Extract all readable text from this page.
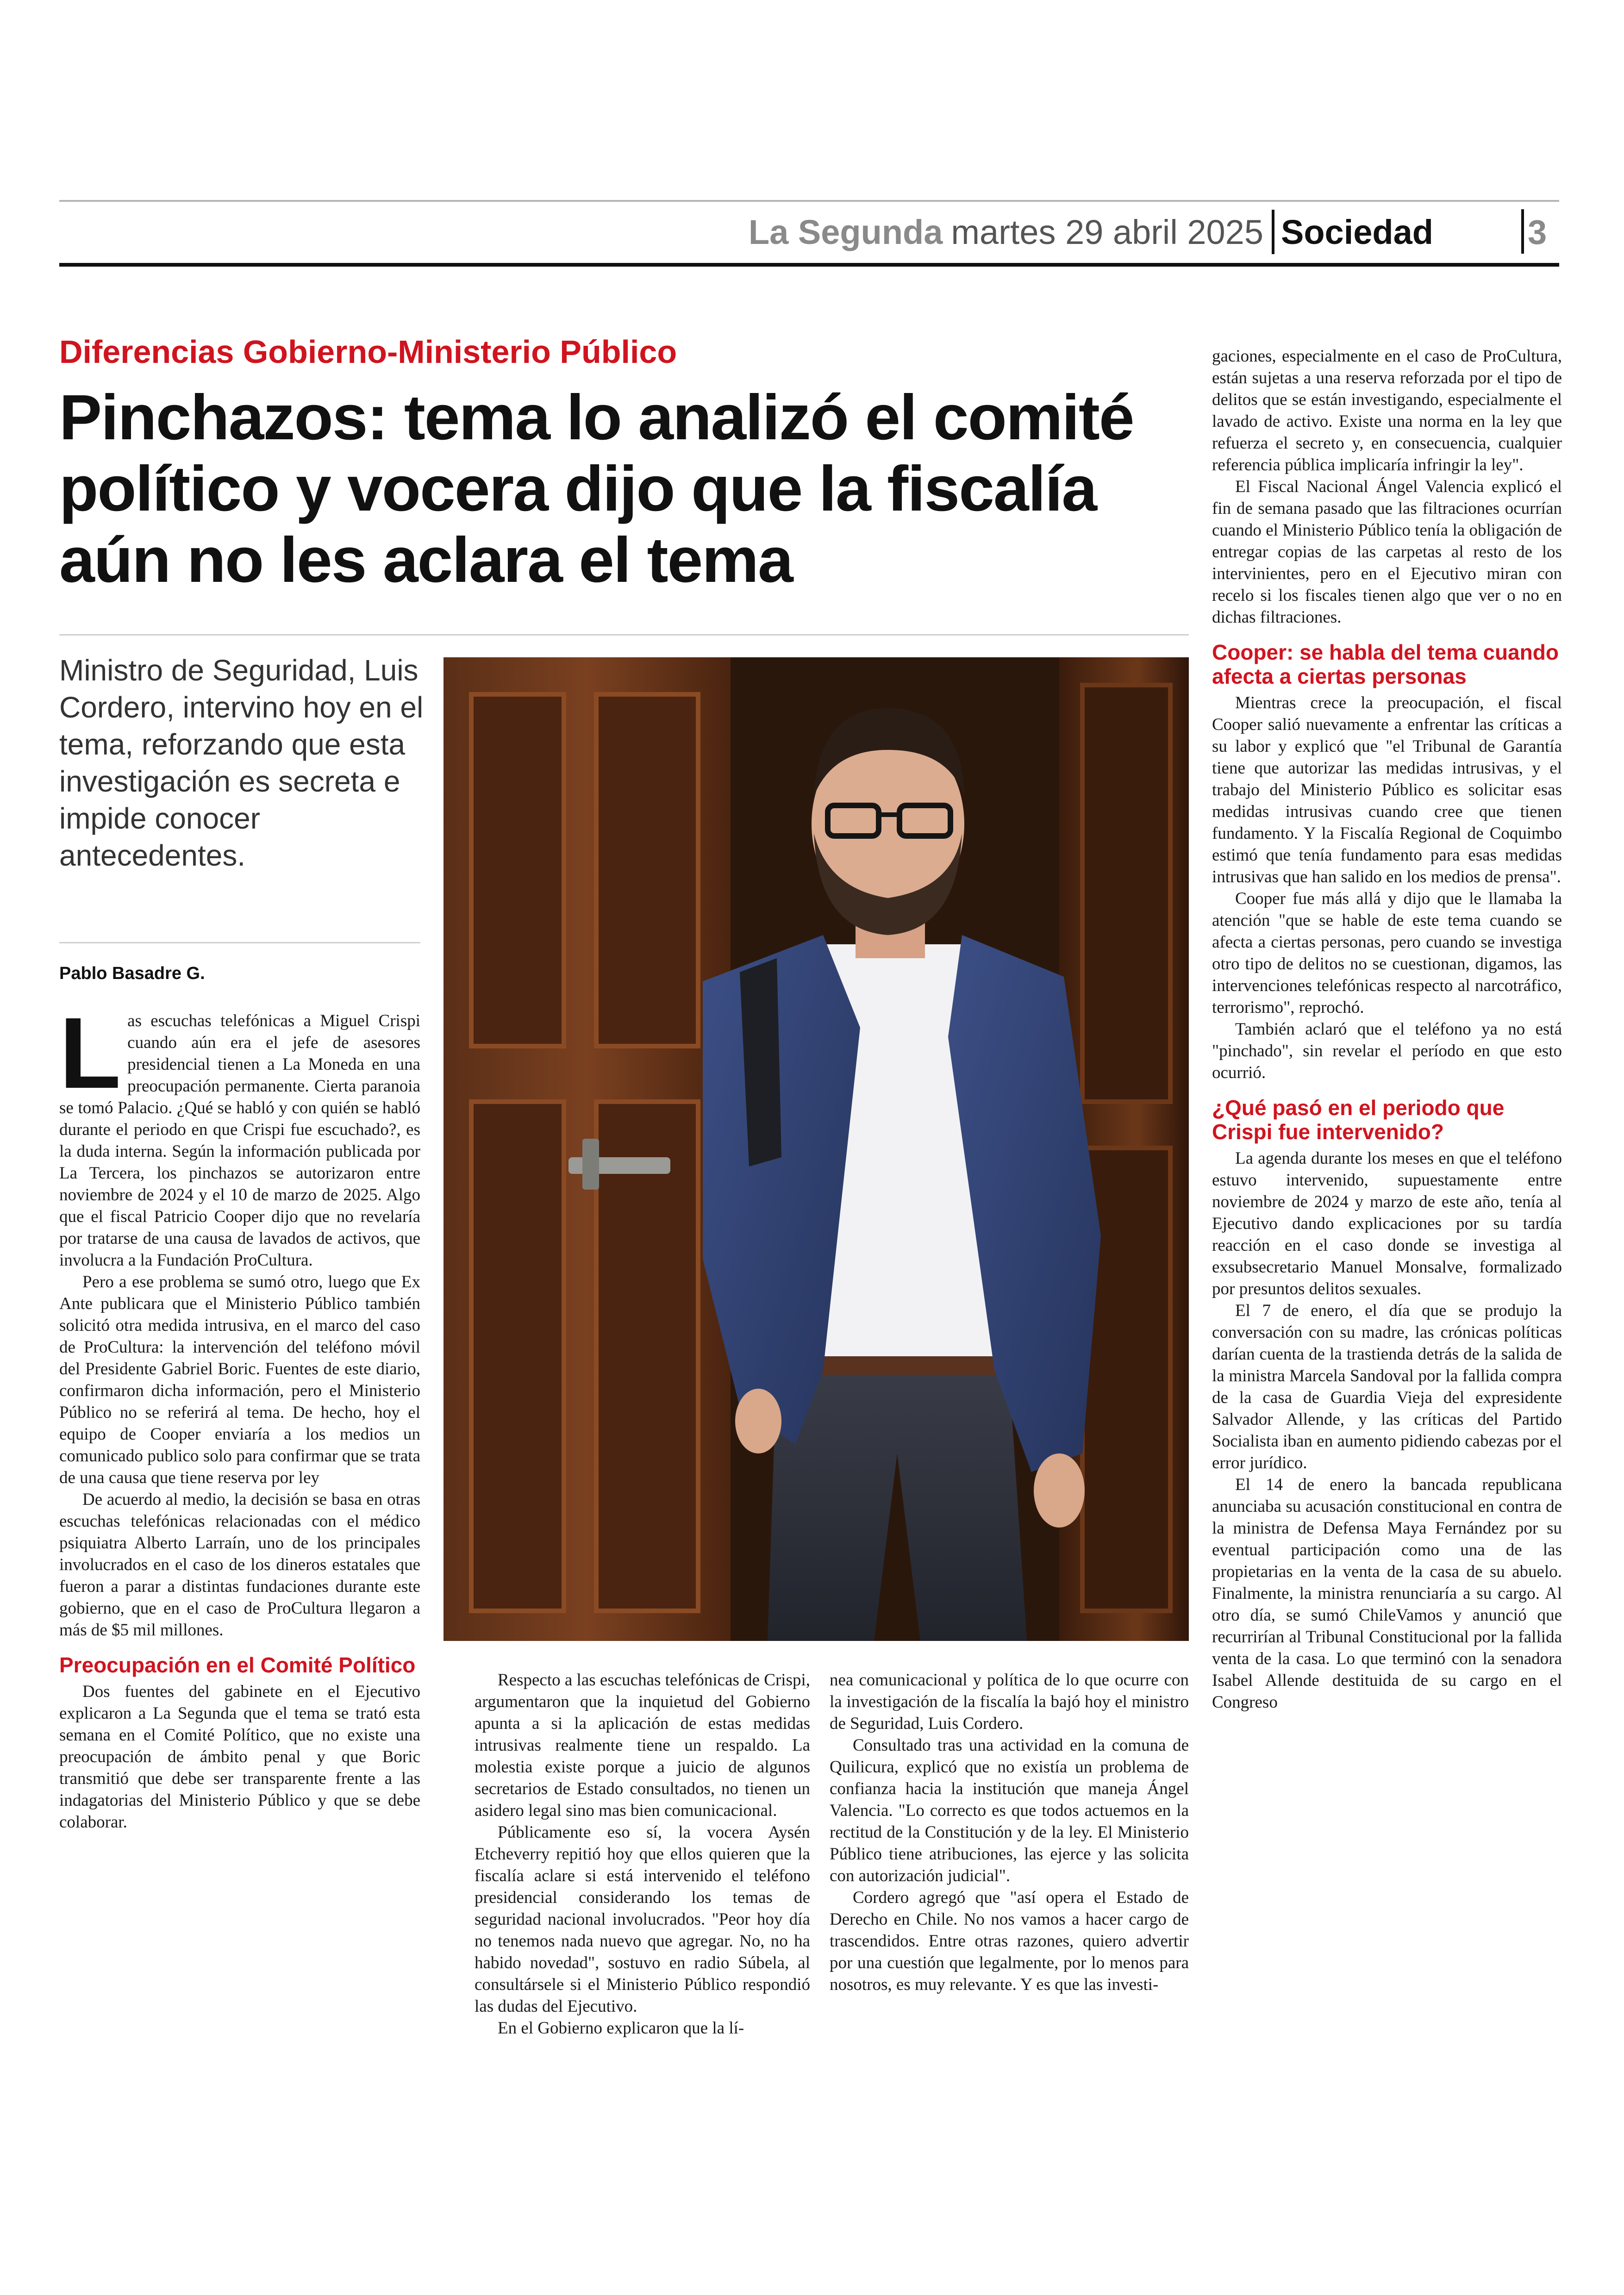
La Segunda martes 29 abril 2025 Sociedad	3
Diferencias Gobierno-Ministerio Público
Pinchazos: tema lo analizó el comité político y vocera dijo que la fiscalía aún no les aclara el tema

Ministro de Seguridad, Luis Cordero, intervino hoy en el tema, reforzando que esta investigación es secreta e impide conocer antecedentes.

Pablo Basadre G.

Las escuchas telefónicas a Miguel Crispi cuando aún era el jefe de asesores presidencial tienen a La Moneda en una preocupación permanente. Cierta paranoia se tomó Palacio. ¿Qué se habló y con quién se habló durante el periodo en que Crispi fue escuchado?, es la duda interna. Según la información publicada por La Tercera, los pinchazos se autorizaron entre noviembre de 2024 y el 10 de marzo de 2025. Algo que el fiscal Patricio Cooper dijo que no revelaría por tratarse de una causa de lavados de activos, que involucra a la Fundación ProCultura.

Pero a ese problema se sumó otro, luego que Ex Ante publicara que el Ministerio Público también solicitó otra medida intrusiva, en el marco del caso de ProCultura: la intervención del teléfono móvil del Presidente Gabriel Boric. Fuentes de este diario, confirmaron dicha información, pero el Ministerio Público no se referirá al tema. De hecho, hoy el equipo de Cooper enviaría a los medios un comunicado publico solo para confirmar que se trata de una causa que tiene reserva por ley

De acuerdo al medio, la decisión se basa en otras escuchas telefónicas relacionadas con el médico psiquiatra Alberto Larraín, uno de los principales involucrados en el caso de los dineros estatales que fueron a parar a distintas fundaciones durante este gobierno, que en el caso de ProCultura llegaron a más de $5 mil millones.

Preocupación en el Comité Político

Dos fuentes del gabinete en el Ejecutivo explicaron a La Segunda que el tema se trató esta semana en el Comité Político, que no existe una preocupación de ámbito penal y que Boric transmitió que debe ser transparente frente a las indagatorias del Ministerio Público y que se debe colaborar.

Respecto a las escuchas telefónicas de Crispi, argumentaron que la inquietud del Gobierno apunta a si la aplicación de estas medidas intrusivas realmente tiene un respaldo. La molestia existe porque a juicio de algunos secretarios de Estado consultados, no tienen un asidero legal sino mas bien comunicacional.

Públicamente eso sí, la vocera Aysén Etcheverry repitió hoy que ellos quieren que la fiscalía aclare si está intervenido el teléfono presidencial considerando los temas de seguridad nacional involucrados. "Peor hoy día no tenemos nada nuevo que agregar. No, no ha habido novedad", sostuvo en radio Súbela, al consultársele si el Ministerio Público respondió las dudas del Ejecutivo.

En el Gobierno explicaron que la lí-

nea comunicacional y política de lo que ocurre con la investigación de la fiscalía la bajó hoy el ministro de Seguridad, Luis Cordero.

Consultado tras una actividad en la comuna de Quilicura, explicó que no existía un problema de confianza hacia la institución que maneja Ángel Valencia. "Lo correcto es que todos actuemos en la rectitud de la Constitución y de la ley. El Ministerio Público tiene atribuciones, las ejerce y las solicita con autorización judicial".

Cordero agregó que "así opera el Estado de Derecho en Chile. No nos vamos a hacer cargo de trascendidos. Entre otras razones, quiero advertir por una cuestión que legalmente, por lo menos para nosotros, es muy relevante. Y es que las investi-

gaciones, especialmente en el caso de ProCultura, están sujetas a una reserva reforzada por el tipo de delitos que se están investigando, especialmente el lavado de activo. Existe una norma en la ley que refuerza el secreto y, en consecuencia, cualquier referencia pública implicaría infringir la ley".

El Fiscal Nacional Ángel Valencia explicó el fin de semana pasado que las filtraciones ocurrían cuando el Ministerio Público tenía la obligación de entregar copias de las carpetas al resto de los intervinientes, pero en el Ejecutivo miran con recelo si los fiscales tienen algo que ver o no en dichas filtraciones.

Cooper: se habla del tema cuando afecta a ciertas personas

Mientras crece la preocupación, el fiscal Cooper salió nuevamente a enfrentar las críticas a su labor y explicó que "el Tribunal de Garantía tiene que autorizar las medidas intrusivas, y el trabajo del Ministerio Público es solicitar esas medidas intrusivas cuando cree que tienen fundamento. Y la Fiscalía Regional de Coquimbo estimó que tenía fundamento para esas medidas intrusivas que han salido en los medios de prensa".

Cooper fue más allá y dijo que le llamaba la atención "que se hable de este tema cuando se afecta a ciertas personas, pero cuando se investiga otro tipo de delitos no se cuestionan, digamos, las intervenciones telefónicas respecto al narcotráfico, terrorismo", reprochó.

También aclaró que el teléfono ya no está "pinchado", sin revelar el período en que esto ocurrió.

¿Qué pasó en el periodo que Crispi fue intervenido?

La agenda durante los meses en que el teléfono estuvo intervenido, supuestamente entre noviembre de 2024 y marzo de este año, tenía al Ejecutivo dando explicaciones por su tardía reacción en el caso donde se investiga al exsubsecretario Manuel Monsalve, formalizado por presuntos delitos sexuales.

El 7 de enero, el día que se produjo la conversación con su madre, las crónicas políticas darían cuenta de la trastienda detrás de la salida de la ministra Marcela Sandoval por la fallida compra de la casa de Guardia Vieja del expresidente Salvador Allende, y las críticas del Partido Socialista iban en aumento pidiendo cabezas por el error jurídico.

El 14 de enero la bancada republicana anunciaba su acusación constitucional en contra de la ministra de Defensa Maya Fernández por su eventual participación como una de las propietarias en la venta de la casa de su abuelo. Finalmente, la ministra renunciaría a su cargo. Al otro día, se sumó ChileVamos y anunció que recurrirían al Tribunal Constitucional por la fallida venta de la casa. Lo que terminó con la senadora Isabel Allende destituida de su cargo en el Congreso
